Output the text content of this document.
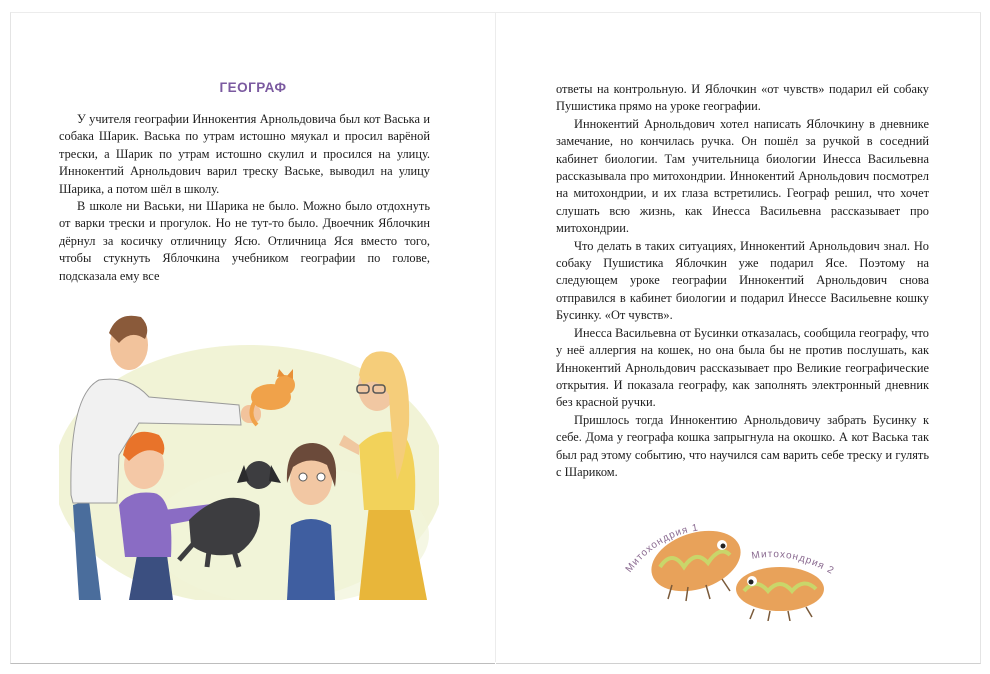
ГЕОГРАФ

У учителя географии Иннокентия Арнольдовича был кот Васька и собака Шарик. Васька по утрам истошно мяукал и просил варёной трески, а Шарик по утрам истошно скулил и просился на улицу. Иннокентий Арнольдович варил треску Ваське, выводил на улицу Шарика, а потом шёл в школу.

В школе ни Васьки, ни Шарика не было. Можно было отдохнуть от варки трески и прогулок. Но не тут-то было. Двоечник Яблочкин дёрнул за косичку отличницу Ясю. Отличница Яся вместо того, чтобы стукнуть Яблочкина учебником географии по голове, подсказала ему все

ответы на контрольную. И Яблочкин «от чувств» подарил ей собаку Пушистика прямо на уроке географии.

Иннокентий Арнольдович хотел написать Яблочкину в дневнике замечание, но кончилась ручка. Он пошёл за ручкой в соседний кабинет биологии. Там учительница биологии Инесса Васильевна рассказывала про митохондрии. Иннокентий Арнольдович посмотрел на митохондрии, и их глаза встретились. Географ решил, что хочет слушать всю жизнь, как Инесса Васильевна рассказывает про митохондрии.

Что делать в таких ситуациях, Иннокентий Арнольдович знал. Но собаку Пушистика Яблочкин уже подарил Ясе. Поэтому на следующем уроке географии Иннокентий Арнольдович снова отправился в кабинет биологии и подарил Инессе Васильевне кошку Бусинку. «От чувств».

Инесса Васильевна от Бусинки отказалась, сообщила географу, что у неё аллергия на кошек, но она была бы не против послушать, как Иннокентий Арнольдович рассказывает про Великие географические открытия. И показала географу, как заполнять электронный дневник без красной ручки.

Пришлось тогда Иннокентию Арнольдовичу забрать Бусинку к себе. Дома у географа кошка запрыгнула на окошко. А кот Васька так был рад этому событию, что научился сам варить себе треску и гулять с Шариком.

Митохондрия 1
Митохондрия 2
